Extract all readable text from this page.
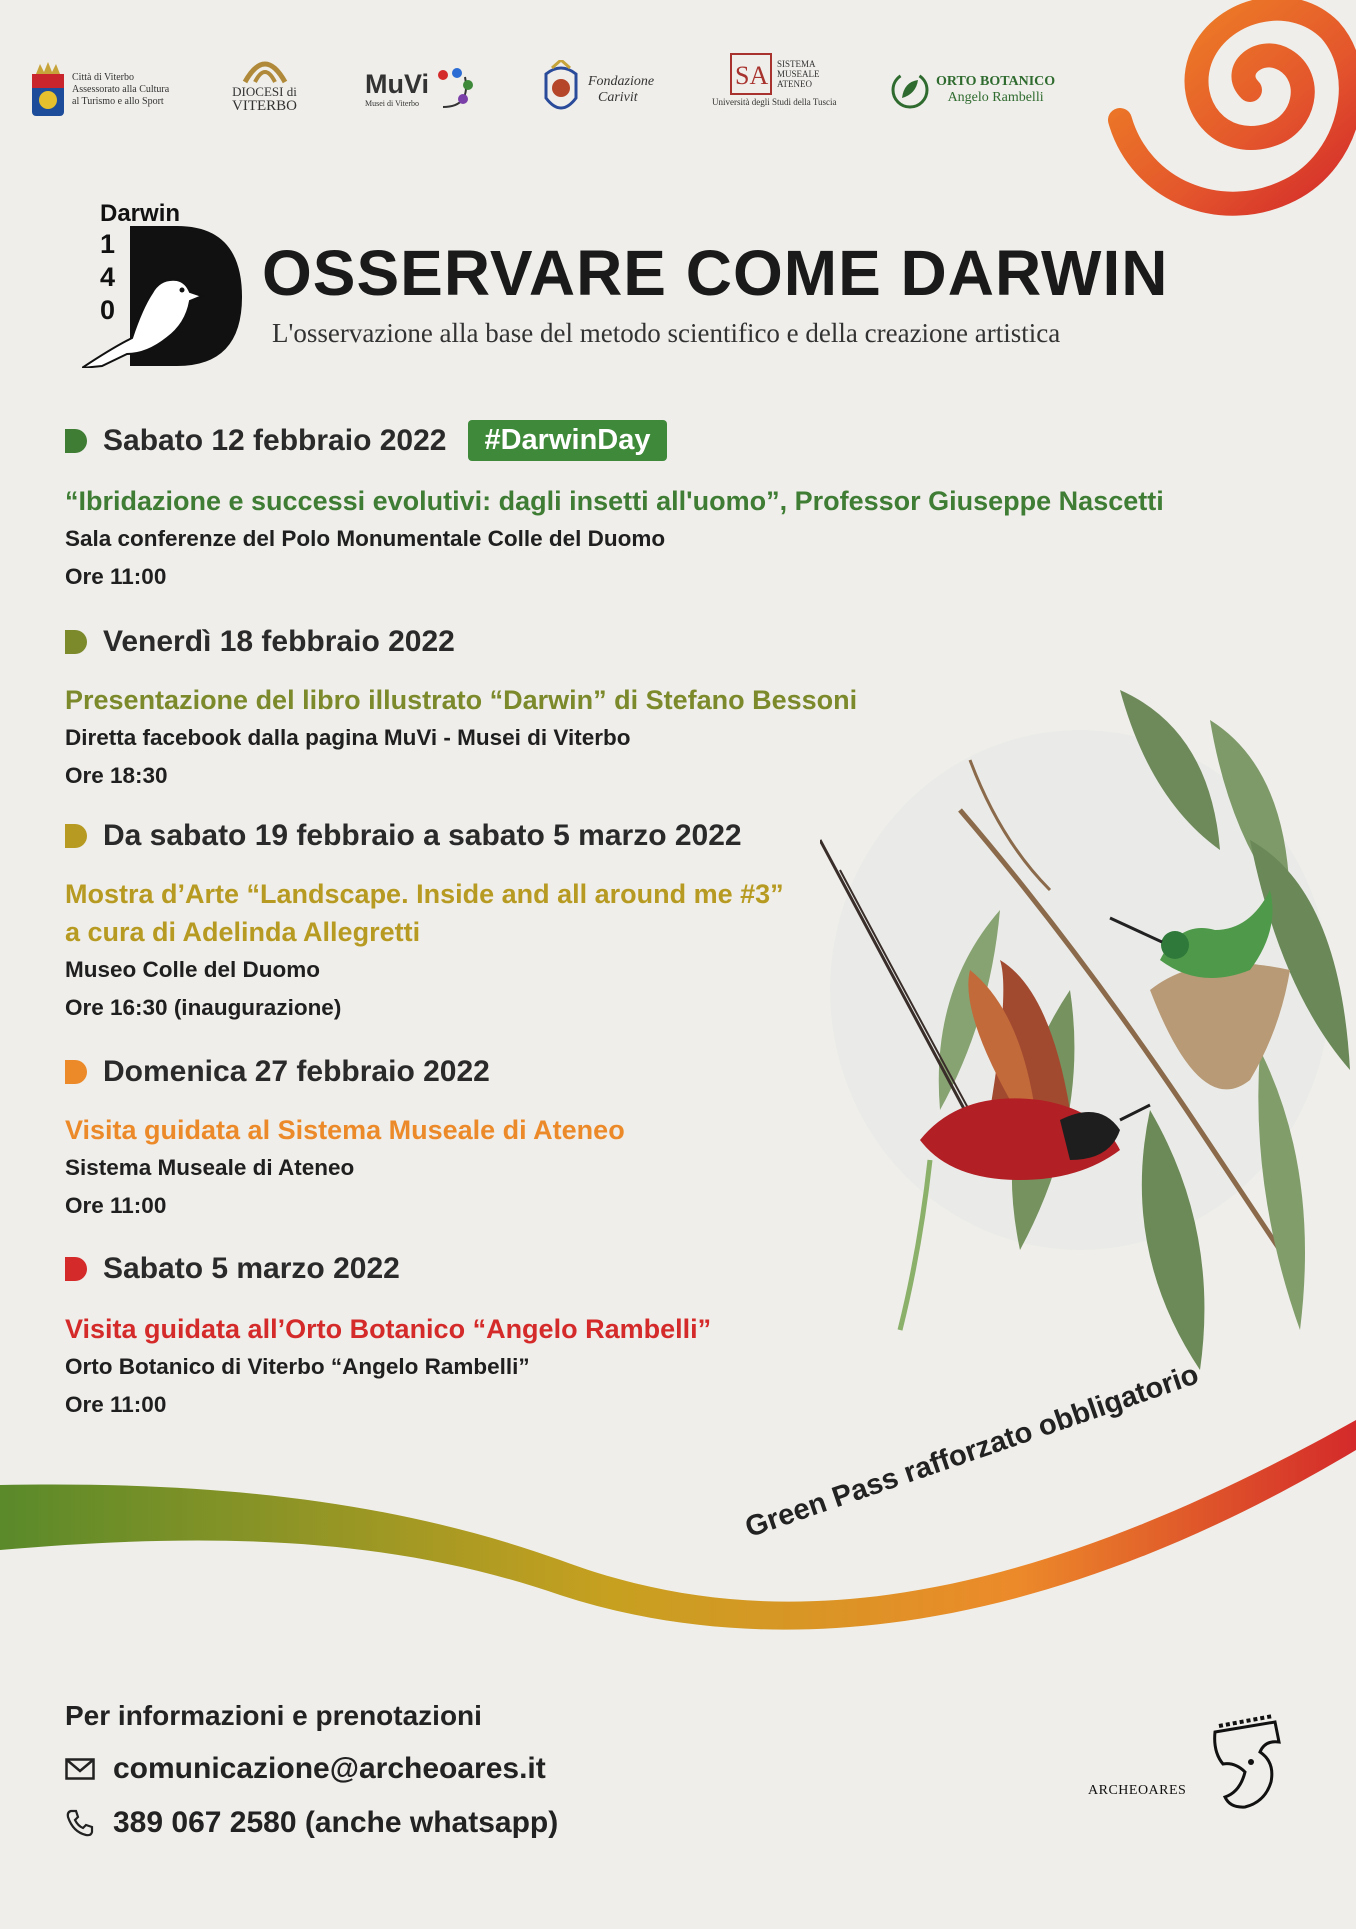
Città di Viterbo
Assessorato alla Cultura
al Turismo e allo Sport
DIOCESI di
VITERBO
MuVi
Musei di Viterbo
Fondazione
Carivit
SA SISTEMA
MUSEALE
ATENEO
Università degli Studi della Tuscia
ORTO BOTANICO
Angelo Rambelli
Darwin
1
4
0
OSSERVARE COME DARWIN
L'osservazione alla base del metodo scientifico e della creazione artistica
Sabato 12 febbraio 2022	#DarwinDay
“Ibridazione e successi evolutivi: dagli insetti all'uomo”, Professor Giuseppe Nascetti
Sala conferenze del Polo Monumentale Colle del Duomo
Ore 11:00
Venerdì 18 febbraio 2022
Presentazione del libro illustrato “Darwin” di Stefano Bessoni
Diretta facebook dalla pagina MuVi - Musei di Viterbo
Ore 18:30
Da sabato 19 febbraio a sabato 5 marzo 2022
Mostra d’Arte “Landscape. Inside and all around me #3”
a cura di Adelinda Allegretti
Museo Colle del Duomo
Ore 16:30 (inaugurazione)
Domenica 27 febbraio 2022
Visita guidata al Sistema Museale di Ateneo
Sistema Museale di Ateneo
Ore 11:00
Sabato 5 marzo 2022
Visita guidata all’Orto Botanico “Angelo Rambelli”
Orto Botanico di Viterbo “Angelo Rambelli”
Ore 11:00	Green Pass rafforzato obbligatorio
Per informazioni e prenotazioni
comunicazione@archeoares.it
389 067 2580 (anche whatsapp)
ARCHEOARES
